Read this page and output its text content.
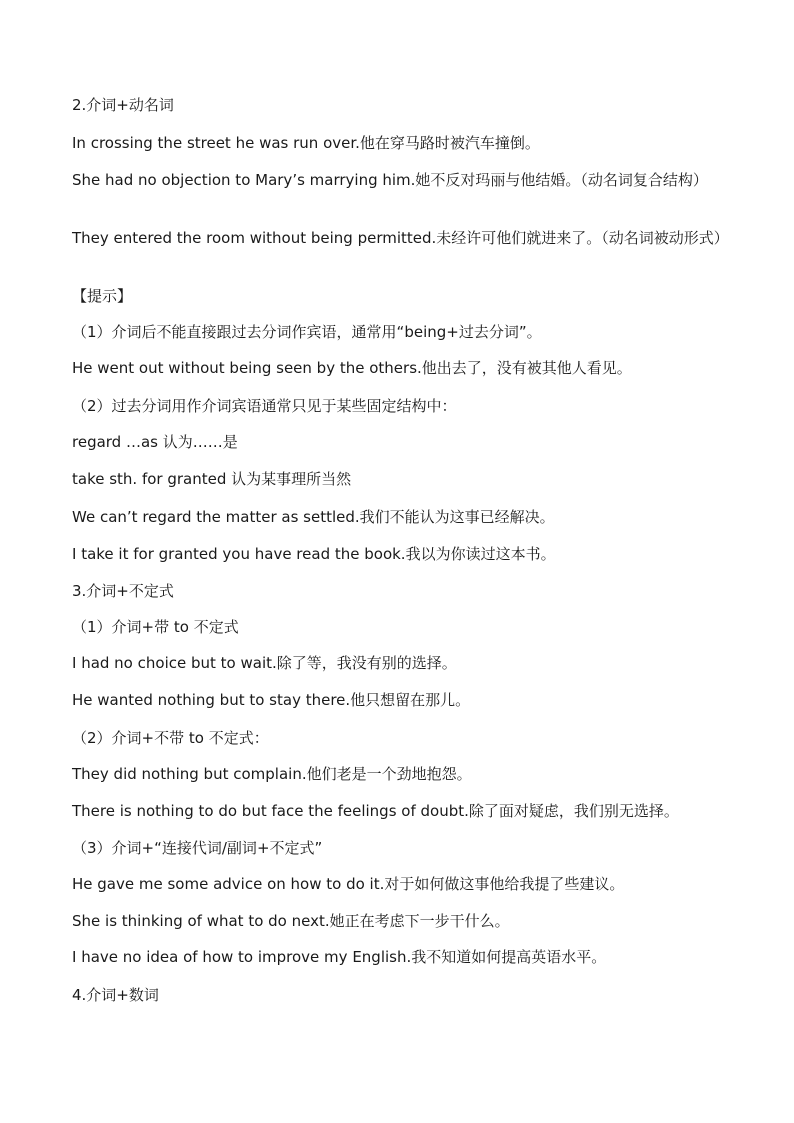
2.介词+动名词

In crossing the street he was run over.他在穿马路时被汽车撞倒。

She had no objection to Mary’s marrying him.她不反对玛丽与他结婚。（动名词复合结构）

They entered the room without being permitted.未经许可他们就进来了。（动名词被动形式）

【提示】

（1）介词后不能直接跟过去分词作宾语，通常用“being+过去分词”。

He went out without being seen by the others.他出去了，没有被其他人看见。

（2）过去分词用作介词宾语通常只见于某些固定结构中：

regard …as 认为……是

take sth. for granted 认为某事理所当然

We can’t regard the matter as settled.我们不能认为这事已经解决。

I take it for granted you have read the book.我以为你读过这本书。

3.介词+不定式

（1）介词+带 to 不定式

I had no choice but to wait.除了等，我没有别的选择。

He wanted nothing but to stay there.他只想留在那儿。

（2）介词+不带 to 不定式：

They did nothing but complain.他们老是一个劲地抱怨。

There is nothing to do but face the feelings of doubt.除了面对疑虑，我们别无选择。

（3）介词+“连接代词/副词+不定式”

He gave me some advice on how to do it.对于如何做这事他给我提了些建议。

She is thinking of what to do next.她正在考虑下一步干什么。

I have no idea of how to improve my English.我不知道如何提高英语水平。

4.介词+数词
